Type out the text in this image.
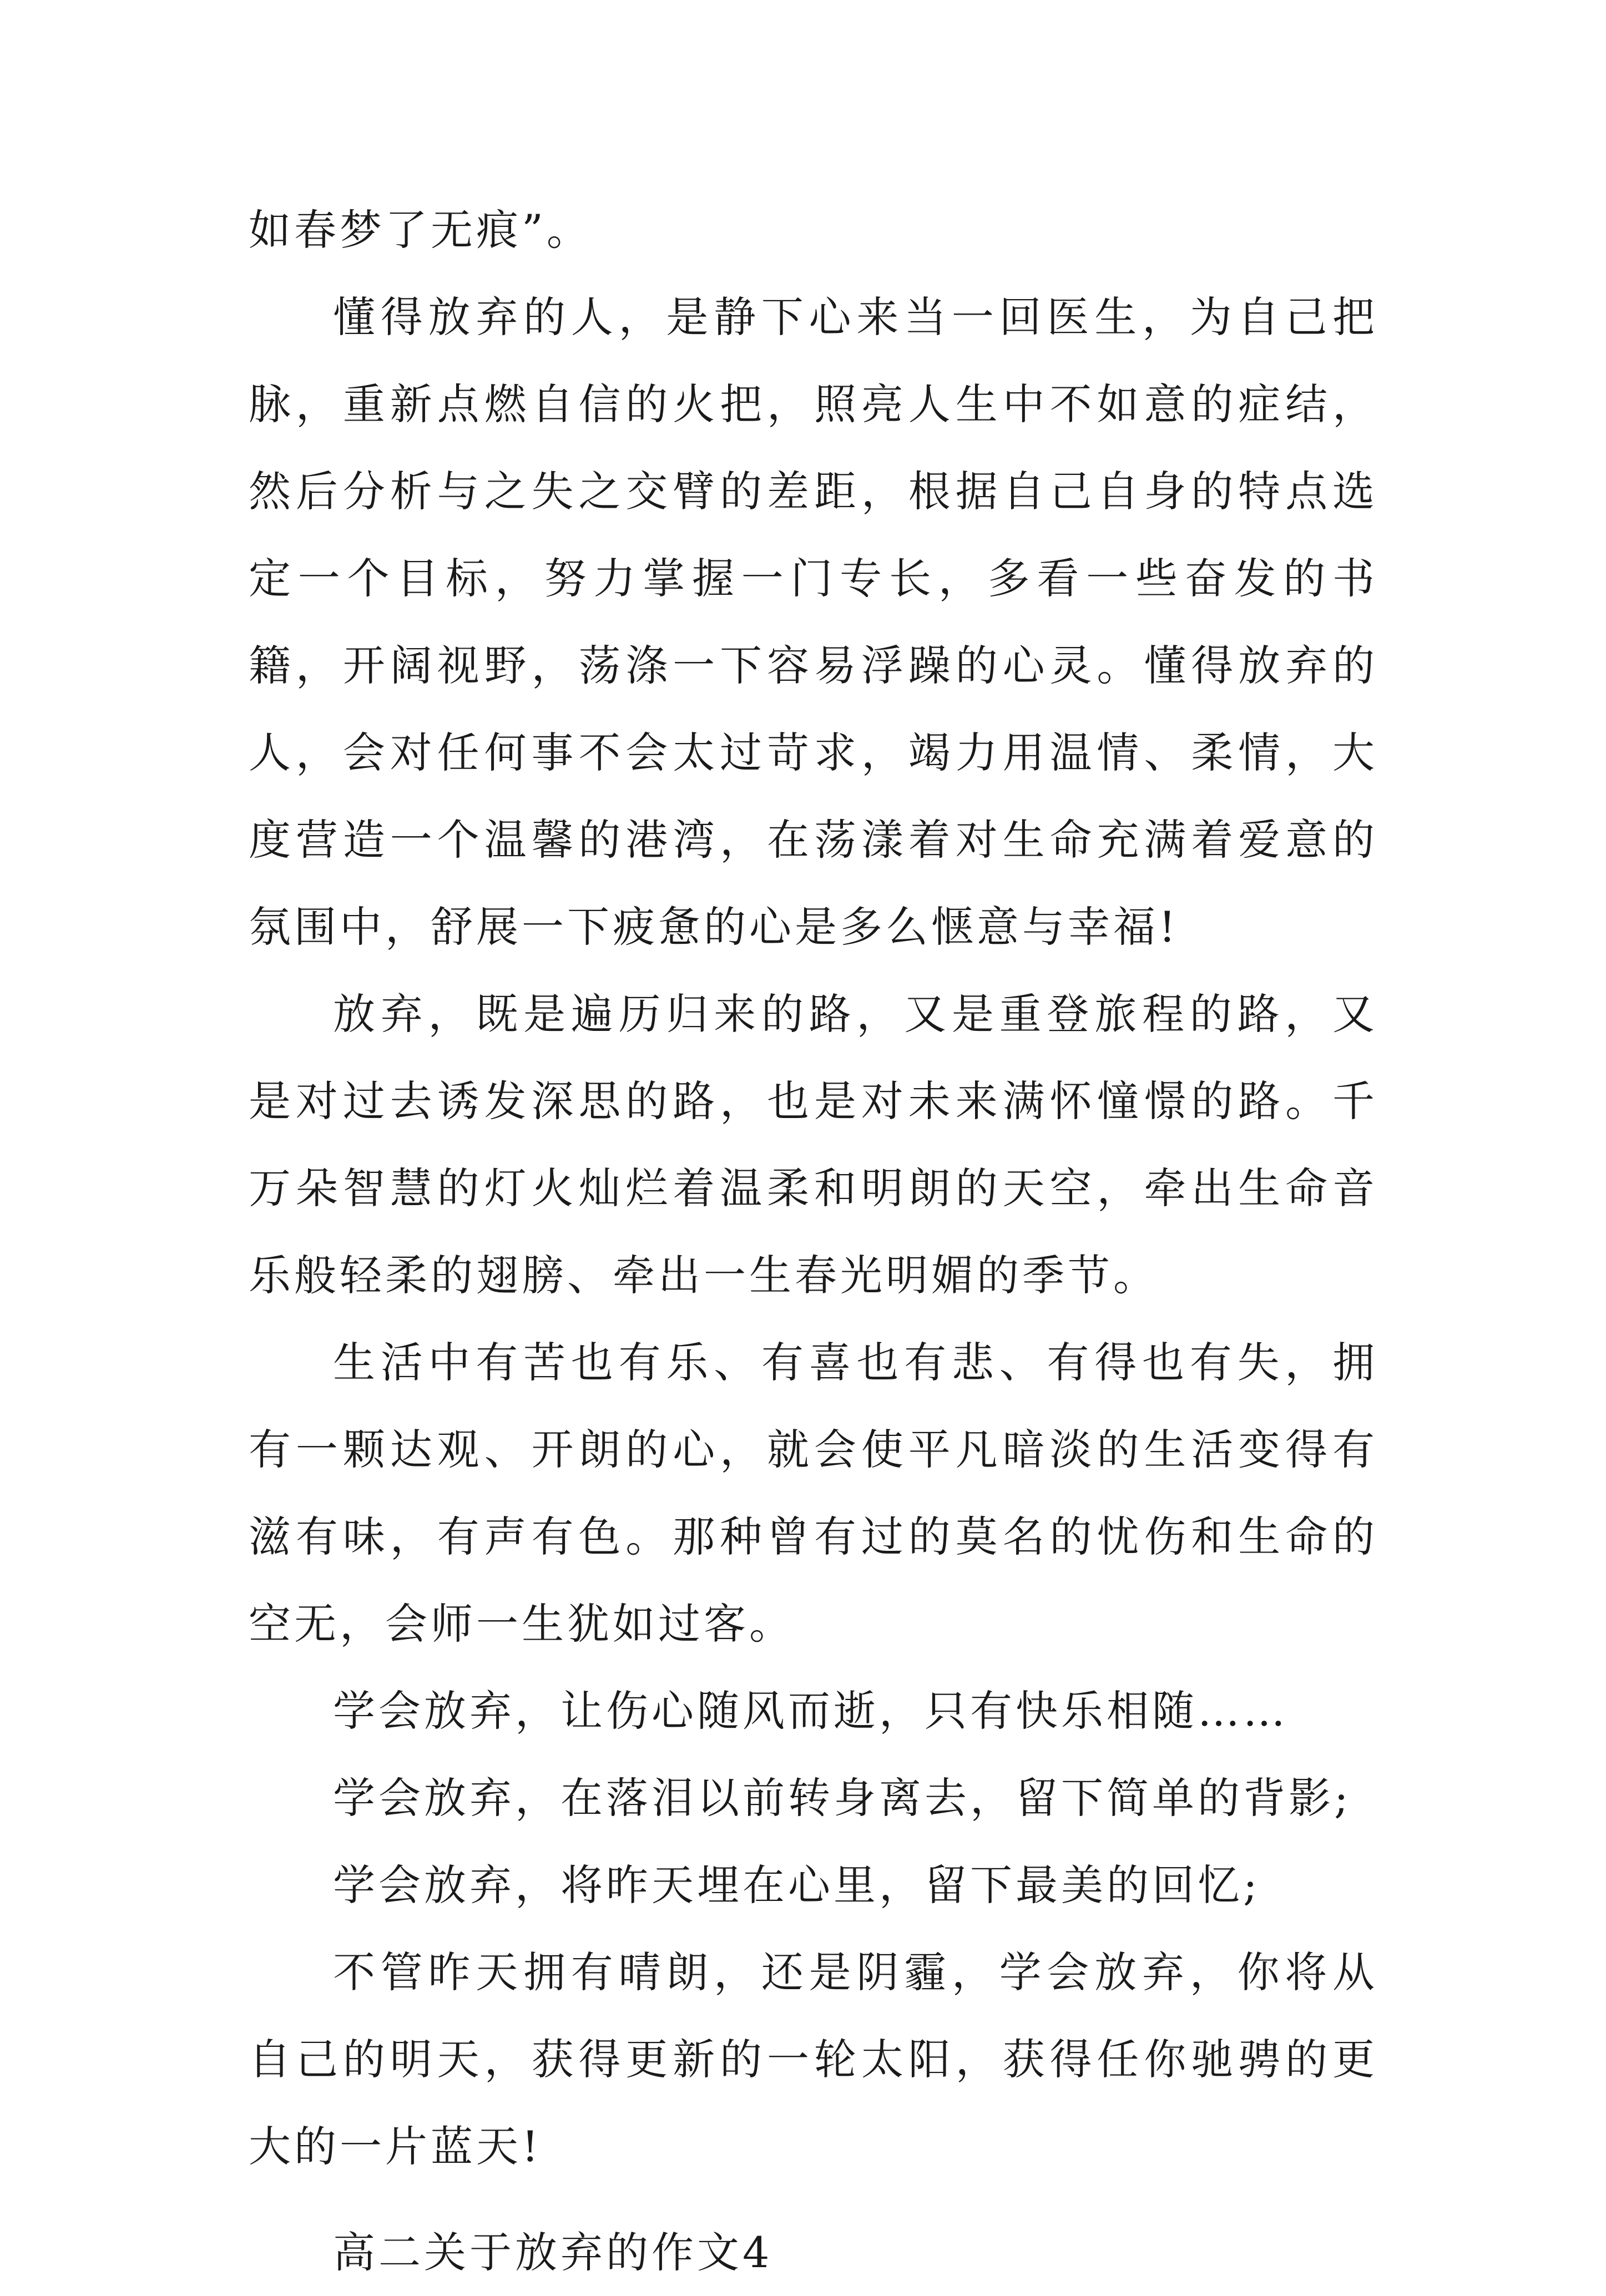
如春梦了无痕”。

懂得放弃的人，是静下心来当一回医生，为自己把脉，重新点燃自信的火把，照亮人生中不如意的症结，然后分析与之失之交臂的差距，根据自己自身的特点选定一个目标，努力掌握一门专长，多看一些奋发的书籍，开阔视野，荡涤一下容易浮躁的心灵。懂得放弃的人，会对任何事不会太过苛求，竭力用温情、柔情，大度营造一个温馨的港湾，在荡漾着对生命充满着爱意的氛围中，舒展一下疲惫的心是多么惬意与幸福!

放弃，既是遍历归来的路，又是重登旅程的路，又是对过去诱发深思的路，也是对未来满怀憧憬的路。千万朵智慧的灯火灿烂着温柔和明朗的天空，牵出生命音乐般轻柔的翅膀、牵出一生春光明媚的季节。

生活中有苦也有乐、有喜也有悲、有得也有失，拥有一颗达观、开朗的心，就会使平凡暗淡的生活变得有滋有味，有声有色。那种曾有过的莫名的忧伤和生命的空无，会师一生犹如过客。

学会放弃，让伤心随风而逝，只有快乐相随……

学会放弃，在落泪以前转身离去，留下简单的背影;

学会放弃，将昨天埋在心里，留下最美的回忆;

不管昨天拥有晴朗，还是阴霾，学会放弃，你将从自己的明天，获得更新的一轮太阳，获得任你驰骋的更大的一片蓝天!

高二关于放弃的作文4
